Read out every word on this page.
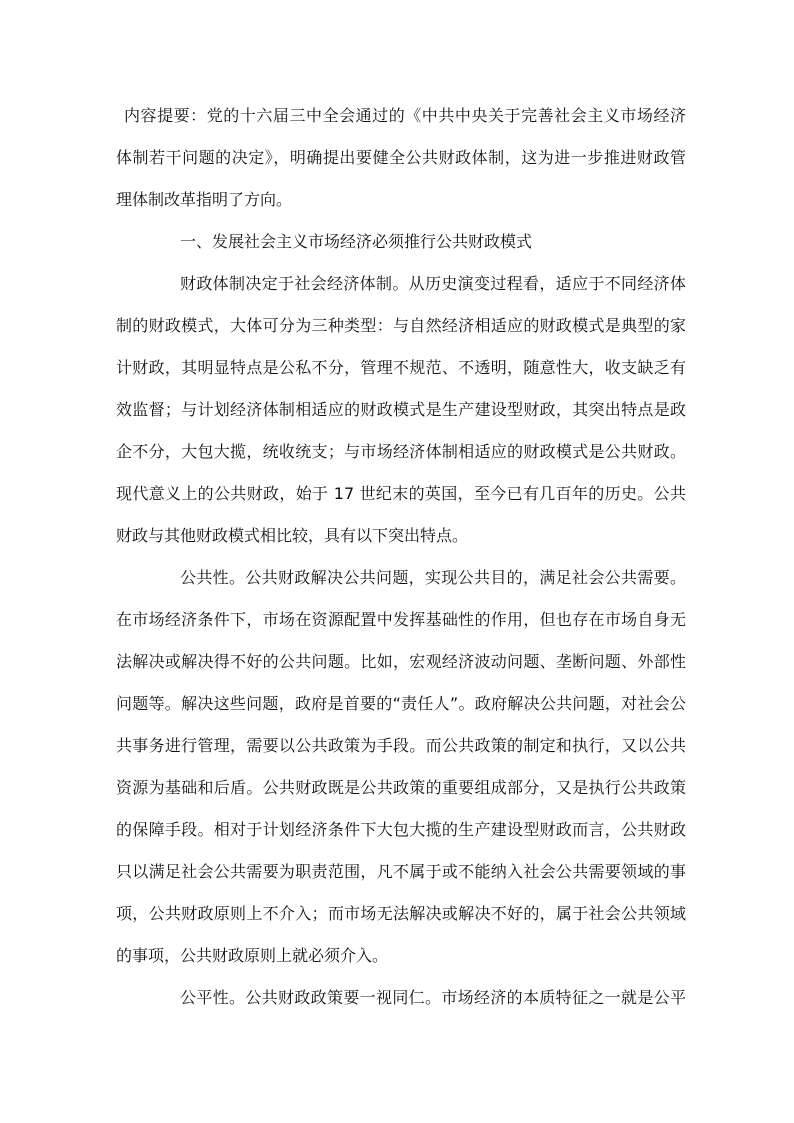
内容提要：党的十六届三中全会通过的《中共中央关于完善社会主义市场经济
体制若干问题的决定》，明确提出要健全公共财政体制，这为进一步推进财政管
理体制改革指明了方向。
一、发展社会主义市场经济必须推行公共财政模式
财政体制决定于社会经济体制。从历史演变过程看，适应于不同经济体
制的财政模式，大体可分为三种类型：与自然经济相适应的财政模式是典型的家
计财政，其明显特点是公私不分，管理不规范、不透明，随意性大，收支缺乏有
效监督；与计划经济体制相适应的财政模式是生产建设型财政，其突出特点是政
企不分，大包大揽，统收统支；与市场经济体制相适应的财政模式是公共财政。
现代意义上的公共财政，始于 17 世纪末的英国，至今已有几百年的历史。公共
财政与其他财政模式相比较，具有以下突出特点。
公共性。公共财政解决公共问题，实现公共目的，满足社会公共需要。
在市场经济条件下，市场在资源配置中发挥基础性的作用，但也存在市场自身无
法解决或解决得不好的公共问题。比如，宏观经济波动问题、垄断问题、外部性
问题等。解决这些问题，政府是首要的“责任人”。政府解决公共问题，对社会公
共事务进行管理，需要以公共政策为手段。而公共政策的制定和执行，又以公共
资源为基础和后盾。公共财政既是公共政策的重要组成部分，又是执行公共政策
的保障手段。相对于计划经济条件下大包大揽的生产建设型财政而言，公共财政
只以满足社会公共需要为职责范围，凡不属于或不能纳入社会公共需要领域的事
项，公共财政原则上不介入；而市场无法解决或解决不好的，属于社会公共领域
的事项，公共财政原则上就必须介入。
公平性。公共财政政策要一视同仁。市场经济的本质特征之一就是公平
